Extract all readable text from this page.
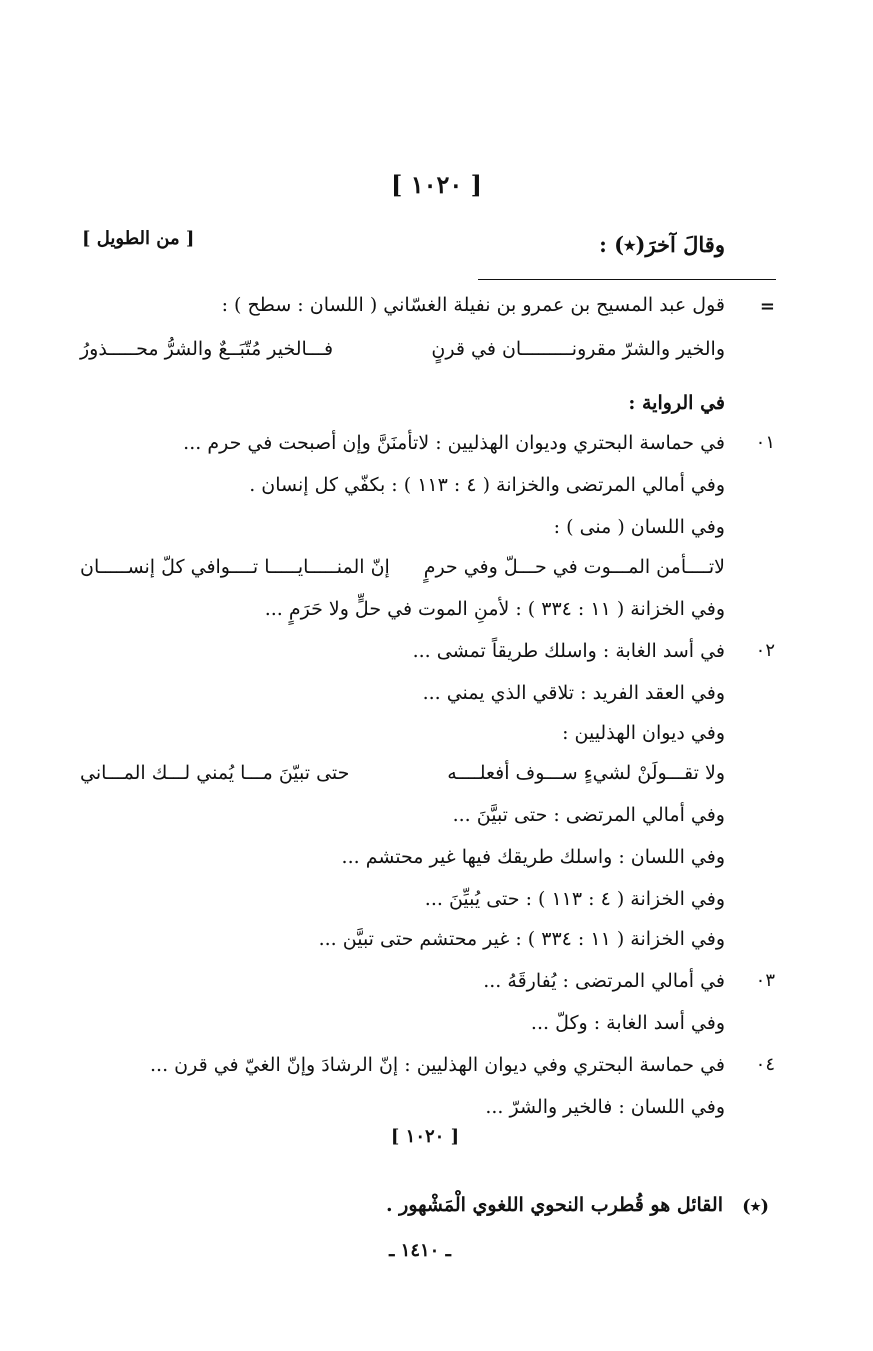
[ ١٠٢٠ ]
وقالَ آخرَ(٭) :
[ من الطويل ]
=
قول عبد المسيح بن عمرو بن نفيلة الغسّاني ( اللسان : سطح ) :
والخير والشرّ مقرونـــــــــان في قرنٍ
فـــالخير مُتّبَــعٌ والشرُّ محـــــذورُ
في الرواية :
٠١
في حماسة البحتري وديوان الهذليين : لاتأمنَنَّ وإن أصبحت في حرم ...
وفي أمالي المرتضى والخزانة ( ٤ : ١١٣ ) : بكفّي كل إنسان .
وفي اللسان ( منى ) :
لاتــــأمن المـــوت في حـــلّ وفي حرمٍ
إنّ المنـــــايـــــا تــــوافي كلّ إنســـــان
وفي الخزانة ( ١١ : ٣٣٤ ) : لأمنِ الموت في حلٍّ ولا حَرَمٍ ...
٠٢
في أسد الغابة : واسلك طريقاً تمشى ...
وفي العقد الفريد : تلاقي الذي يمني ...
وفي ديوان الهذليين :
ولا تقـــولَنْ لشيءٍ ســـوف أفعلــــه
حتى تبيّنَ مـــا يُمني لـــك المـــاني
وفي أمالي المرتضى : حتى تبيَّنَ ...
وفي اللسان : واسلك طريقك فيها غير محتشم ...
وفي الخزانة ( ٤ : ١١٣ ) : حتى يُبيِّنَ ...
وفي الخزانة ( ١١ : ٣٣٤ ) : غير محتشم حتى تبيَّن ...
٠٣
في أمالي المرتضى : يُفارقَهُ ...
وفي أسد الغابة : وكلّ ...
٠٤
في حماسة البحتري وفي ديوان الهذليين : إنّ الرشادَ وإنّ الغيّ في قرن ...
وفي اللسان : فالخير والشرّ ...
[ ١٠٢٠ ]
(٭)
القائل هو قُطرب النحوي اللغوي الْمَشْهور .
ـ ١٤١٠ ـ
